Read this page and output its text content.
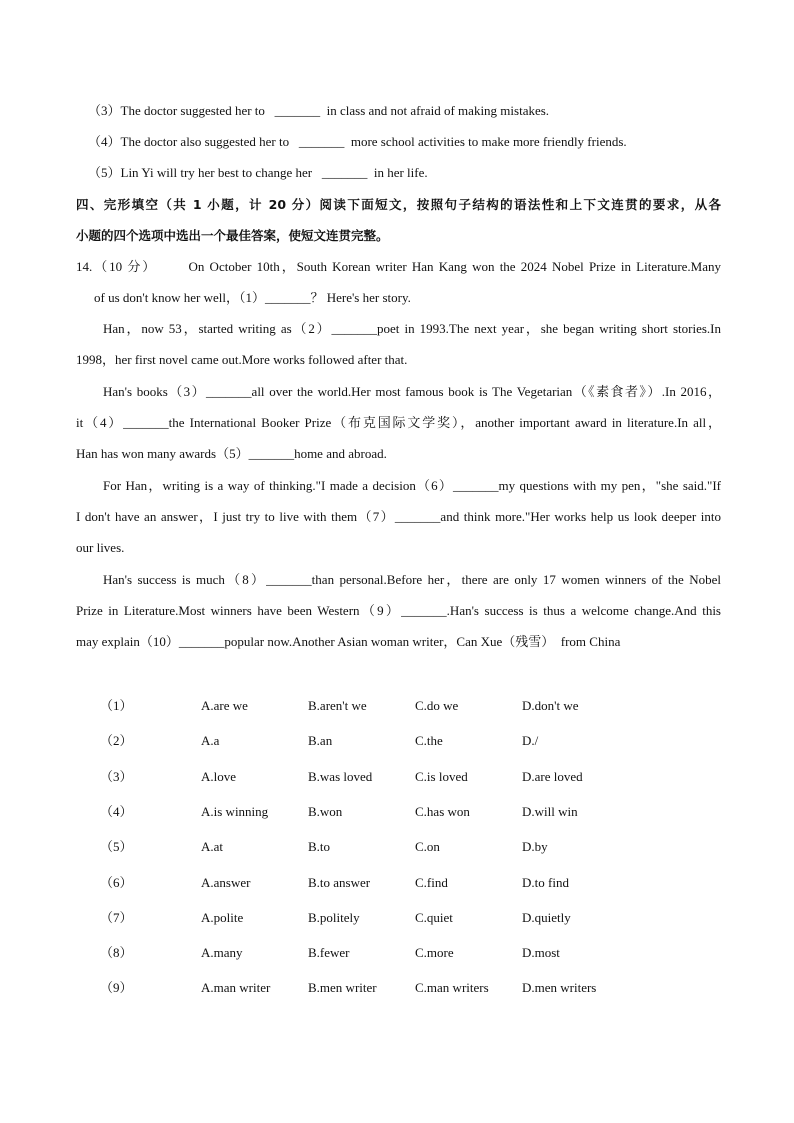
（3）The doctor suggested her to   _______  in class and not afraid of making mistakes.
（4）The doctor also suggested her to   _______  more school activities to make more friendly friends.
（5）Lin Yi will try her best to change her   _______  in her life.
四、完形填空（共 1 小题，计 20 分）阅读下面短文，按照句子结构的语法性和上下文连贯的要求，从各
小题的四个选项中选出一个最佳答案，使短文连贯完整。
14.（10 分）      On October 10th，South Korean writer Han Kang won the 2024 Nobel Prize in Literature.Many
of us don't know her well，（1）_______？ Here's her story.
Han，now 53，started writing as（2）_______poet in 1993.The next year，she began writing short stories.In
1998，her first novel came out.More works followed after that.
Han's books（3）_______all over the world.Her most famous book is The Vegetarian（《素食者》）.In 2016，
it（4）_______the International Booker Prize（布克国际文学奖），another important award in literature.In all，
Han has won many awards（5）_______home and abroad.
For Han，writing is a way of thinking."I made a decision（6）_______my questions with my pen，"she said."If
I don't have an answer，I just try to live with them（7）_______and think more."Her works help us look deeper into
our lives.
Han's success is much（8）_______than personal.Before her，there are only 17 women winners of the Nobel
Prize in Literature.Most winners have been Western（9）_______.Han's success is thus a welcome change.And this
may explain（10）_______popular now.Another Asian woman writer，Can Xue（残雪）  from China
（1）	A.are we	B.aren't we	C.do we	D.don't we
（2）	A.a	B.an	C.the	D./
（3）	A.love	B.was loved	C.is loved	D.are loved
（4）	A.is winning	B.won	C.has won	D.will win
（5）	A.at	B.to	C.on	D.by
（6）	A.answer	B.to answer	C.find	D.to find
（7）	A.polite	B.politely	C.quiet	D.quietly
（8）	A.many	B.fewer	C.more	D.most
（9）	A.man writer	B.men writer	C.man writers	D.men writers
